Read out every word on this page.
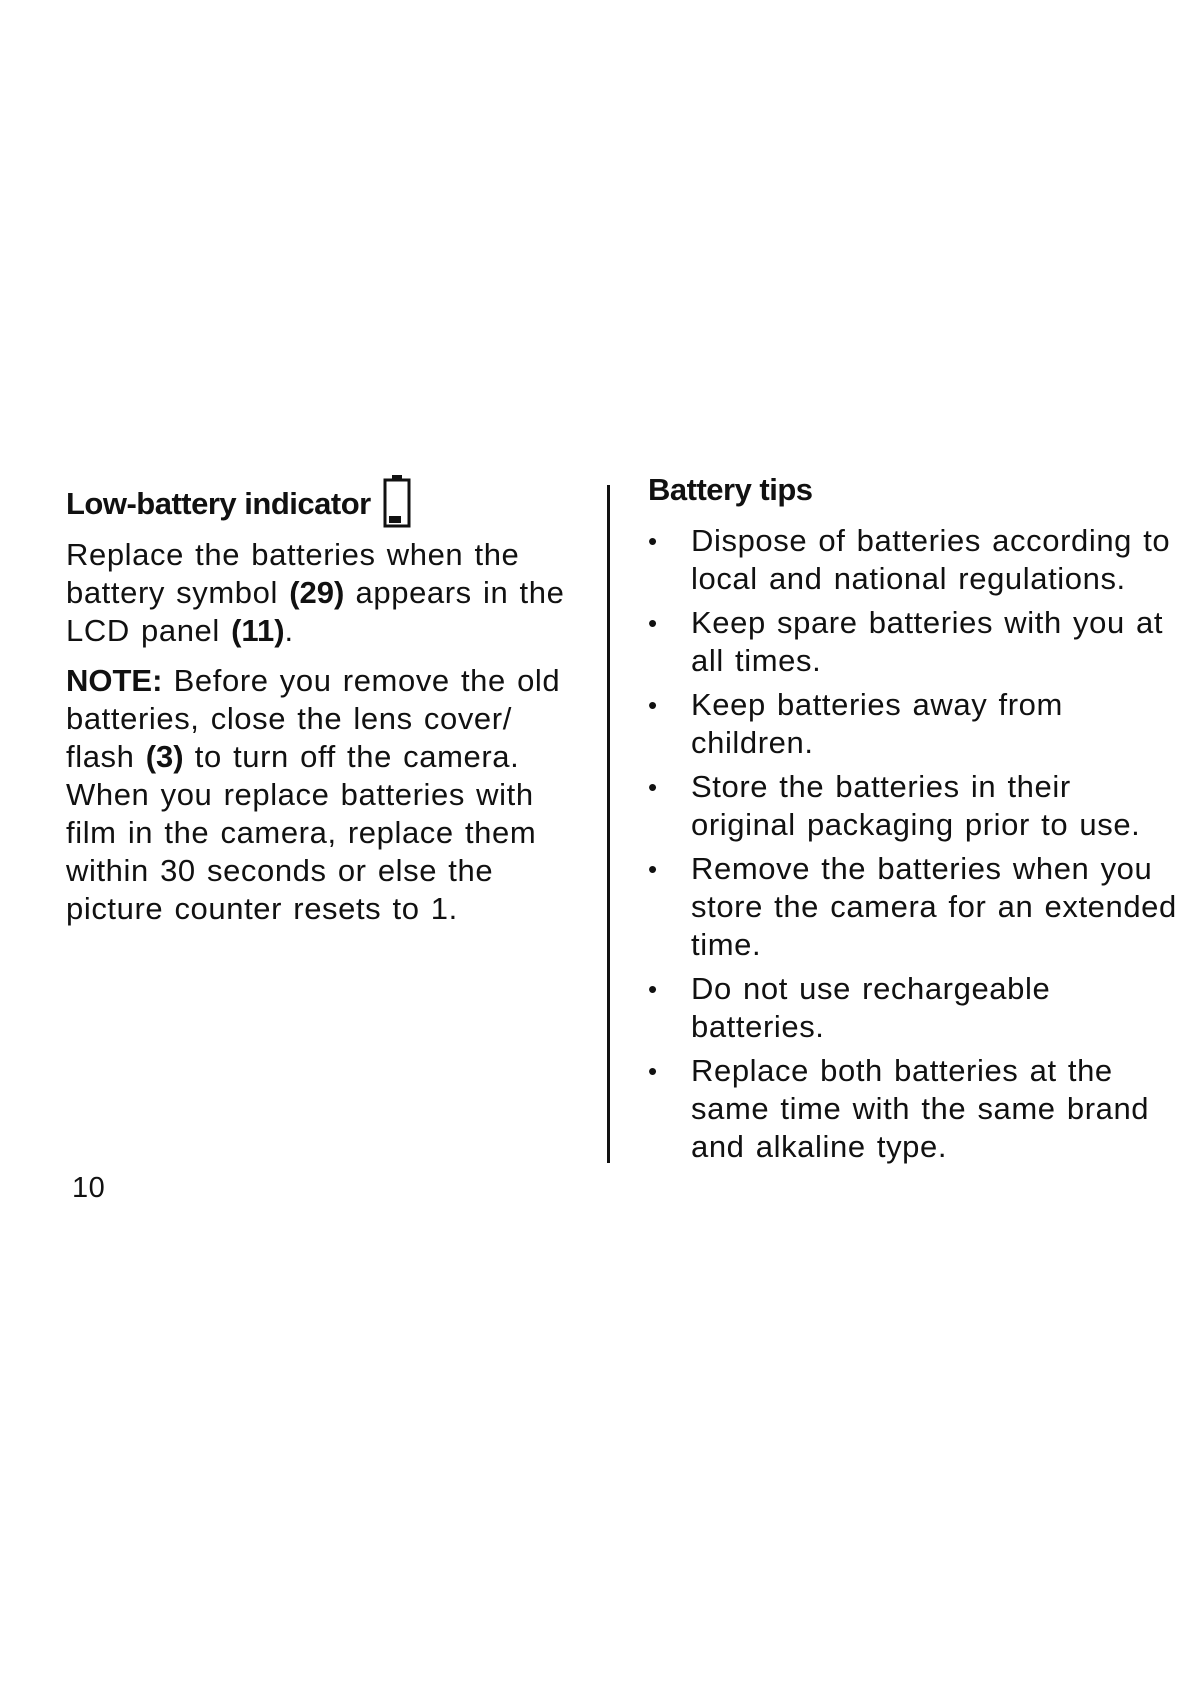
Low-battery indicator

Replace the batteries when the battery symbol (29) appears in the LCD panel (11).

NOTE: Before you remove the old batteries, close the lens cover/ flash (3) to turn off the camera. When you replace batteries with film in the camera, replace them within 30 seconds or else the picture counter resets to 1.

Battery tips
• Dispose of batteries according to local and national regulations.
• Keep spare batteries with you at all times.
• Keep batteries away from children.
• Store the batteries in their original packaging prior to use.
• Remove the batteries when you store the camera for an extended time.
• Do not use rechargeable batteries.
• Replace both batteries at the same time with the same brand and alkaline type.
10
